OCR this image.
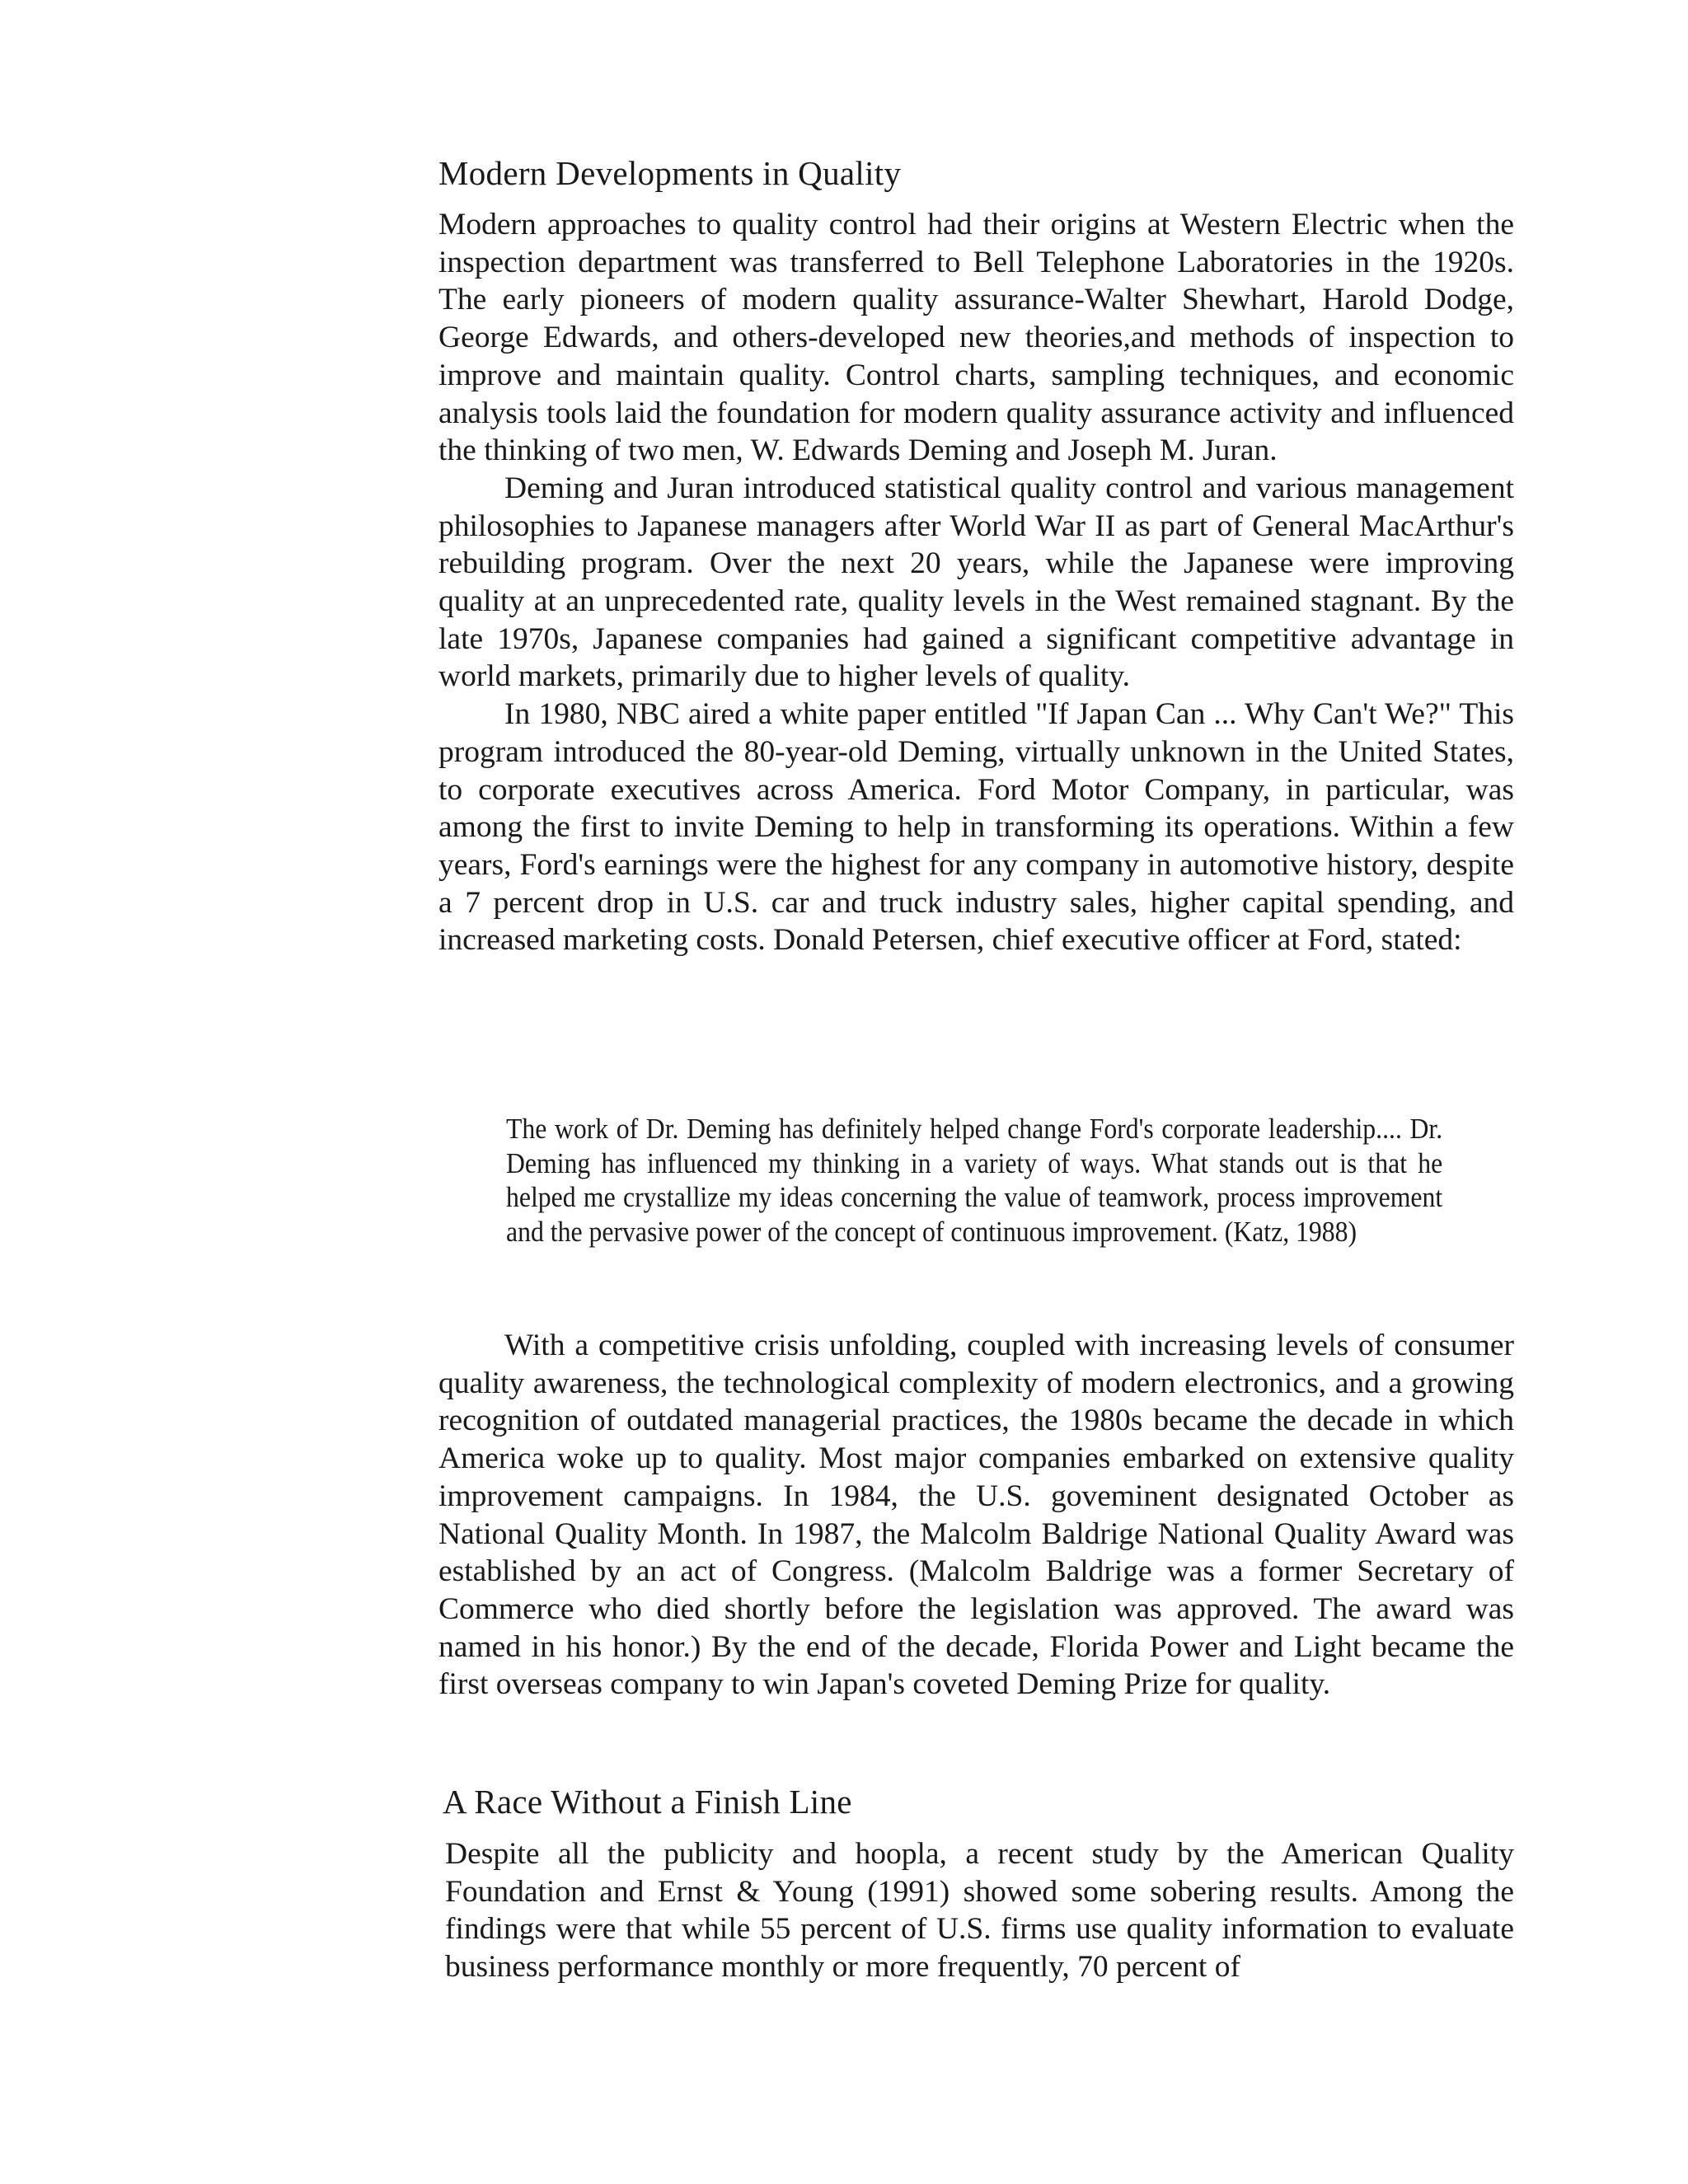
Modern Developments in Quality

Modern approaches to quality control had their origins at Western Electric when the inspection department was transferred to Bell Telephone Laboratories in the 1920s. The early pioneers of modern quality assurance-Walter Shewhart, Harold Dodge, George Edwards, and others-developed new theories,and methods of inspection to improve and maintain quality. Control charts, sampling techniques, and economic analysis tools laid the foundation for modern quality assurance activity and influenced the thinking of two men, W. Edwards Deming and Joseph M. Juran.

Deming and Juran introduced statistical quality control and various management philosophies to Japanese managers after World War II as part of General MacArthur's rebuilding program. Over the next 20 years, while the Japanese were improving quality at an unprecedented rate, quality levels in the West remained stagnant. By the late 1970s, Japanese companies had gained a significant competitive advantage in world markets, primarily due to higher levels of quality.

In 1980, NBC aired a white paper entitled "If Japan Can ... Why Can't We?" This program introduced the 80-year-old Deming, virtually unknown in the United States, to corporate executives across America. Ford Motor Company, in particular, was among the first to invite Deming to help in transforming its operations. Within a few years, Ford's earnings were the highest for any company in automotive history, despite a 7 percent drop in U.S. car and truck industry sales, higher capital spending, and increased marketing costs. Donald Petersen, chief executive officer at Ford, stated:

The work of Dr. Deming has definitely helped change Ford's corporate leadership.... Dr. Deming has influenced my thinking in a variety of ways. What stands out is that he helped me crystallize my ideas concerning the value of teamwork, process improvement and the pervasive power of the concept of continuous improvement. (Katz, 1988)

With a competitive crisis unfolding, coupled with increasing levels of consumer quality awareness, the technological complexity of modern electronics, and a growing recognition of outdated managerial practices, the 1980s became the decade in which America woke up to quality. Most major companies embarked on extensive quality improvement campaigns. In 1984, the U.S. goveminent designated October as National Quality Month. In 1987, the Malcolm Baldrige National Quality Award was established by an act of Congress. (Malcolm Baldrige was a former Secretary of Commerce who died shortly before the legislation was approved. The award was named in his honor.) By the end of the decade, Florida Power and Light became the first overseas company to win Japan's coveted Deming Prize for quality.

A Race Without a Finish Line

Despite all the publicity and hoopla, a recent study by the American Quality Foundation and Ernst & Young (1991) showed some sobering results. Among the findings were that while 55 percent of U.S. firms use quality information to evaluate business performance monthly or more frequently, 70 percent of
